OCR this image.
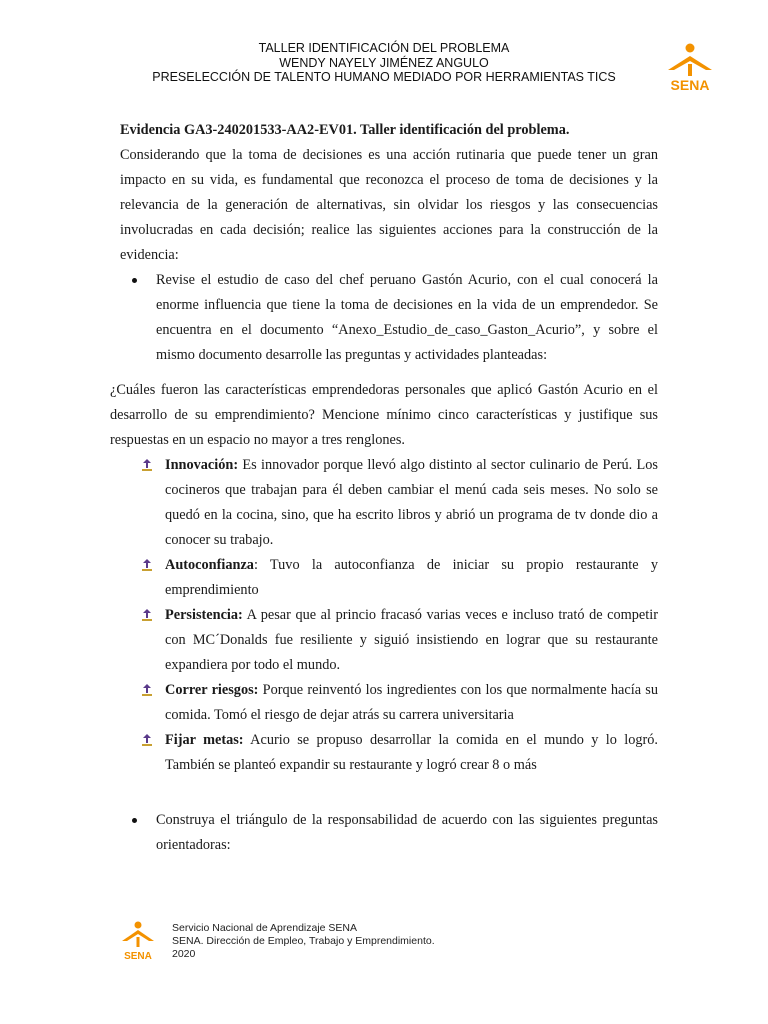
TALLER IDENTIFICACIÓN DEL PROBLEMA
WENDY NAYELY JIMÉNEZ ANGULO
PRESELECCIÓN DE TALENTO HUMANO MEDIADO POR HERRAMIENTAS TICS	SENA
Evidencia GA3-240201533-AA2-EV01. Taller identificación del problema.
Considerando que la toma de decisiones es una acción rutinaria que puede tener un gran impacto en su vida, es fundamental que reconozca el proceso de toma de decisiones y la relevancia de la generación de alternativas, sin olvidar los riesgos y las consecuencias involucradas en cada decisión; realice las siguientes acciones para la construcción de la evidencia:
Revise el estudio de caso del chef peruano Gastón Acurio, con el cual conocerá la enorme influencia que tiene la toma de decisiones en la vida de un emprendedor. Se encuentra en el documento “Anexo_Estudio_de_caso_Gaston_Acurio”, y sobre el mismo documento desarrolle las preguntas y actividades planteadas:
¿Cuáles fueron las características emprendedoras personales que aplicó Gastón Acurio en el desarrollo de su emprendimiento? Mencione mínimo cinco características y justifique sus respuestas en un espacio no mayor a tres renglones.
Innovación: Es innovador porque llevó algo distinto al sector culinario de Perú. Los cocineros que trabajan para él deben cambiar el menú cada seis meses. No solo se quedó en la cocina, sino, que ha escrito libros y abrió un programa de tv donde dio a conocer su trabajo.
Autoconfianza: Tuvo la autoconfianza de iniciar su propio restaurante y emprendimiento
Persistencia: A pesar que al princio fracasó varias veces e incluso trató de competir con MC´Donalds fue resiliente y siguió insistiendo en lograr que su restaurante expandiera por todo el mundo.
Correr riesgos: Porque reinventó los ingredientes con los que normalmente hacía su comida. Tomó el riesgo de dejar atrás su carrera universitaria
Fijar metas: Acurio se propuso desarrollar la comida en el mundo y lo logró. También se planteó expandir su restaurante y logró crear 8 o más
Construya el triángulo de la responsabilidad de acuerdo con las siguientes preguntas orientadoras:
SENA
Servicio Nacional de Aprendizaje SENA
SENA. Dirección de Empleo, Trabajo y Emprendimiento.
2020
